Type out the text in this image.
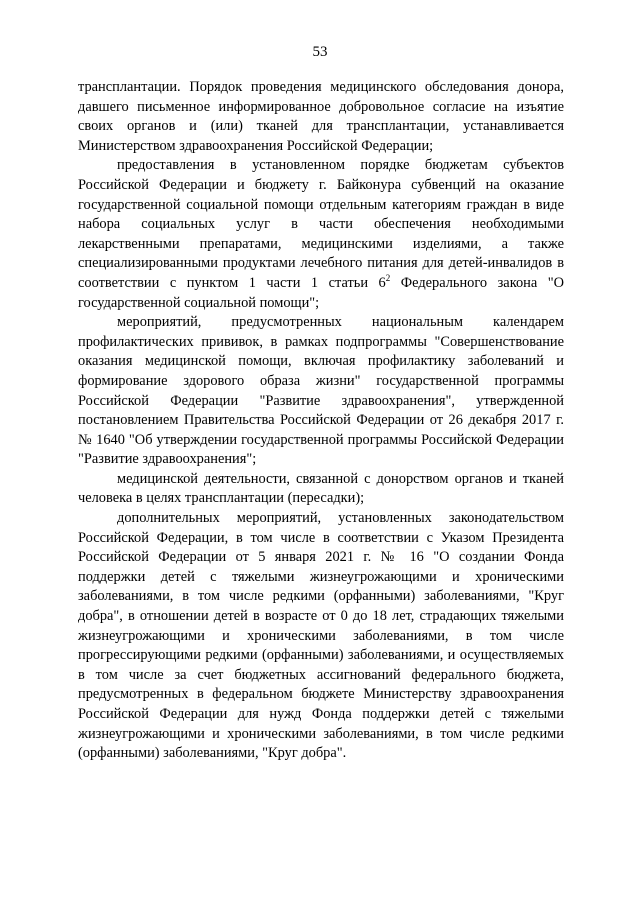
53

трансплантации. Порядок проведения медицинского обследования донора, давшего письменное информированное добровольное согласие на изъятие своих органов и (или) тканей для трансплантации, устанавливается Министерством здравоохранения Российской Федерации;

предоставления в установленном порядке бюджетам субъектов Российской Федерации и бюджету г. Байконура субвенций на оказание государственной социальной помощи отдельным категориям граждан в виде набора социальных услуг в части обеспечения необходимыми лекарственными препаратами, медицинскими изделиями, а также специализированными продуктами лечебного питания для детей-инвалидов в соответствии с пунктом 1 части 1 статьи $6^2$ Федерального закона "О государственной социальной помощи";

мероприятий, предусмотренных национальным календарем профилактических прививок, в рамках подпрограммы "Совершенствование оказания медицинской помощи, включая профилактику заболеваний и формирование здорового образа жизни" государственной программы Российской Федерации "Развитие здравоохранения", утвержденной постановлением Правительства Российской Федерации от 26 декабря 2017 г. № 1640 "Об утверждении государственной программы Российской Федерации "Развитие здравоохранения";

медицинской деятельности, связанной с донорством органов и тканей человека в целях трансплантации (пересадки);

дополнительных мероприятий, установленных законодательством Российской Федерации, в том числе в соответствии с Указом Президента Российской Федерации от 5 января 2021 г. № 16 "О создании Фонда поддержки детей с тяжелыми жизнеугрожающими и хроническими заболеваниями, в том числе редкими (орфанными) заболеваниями, "Круг добра", в отношении детей в возрасте от 0 до 18 лет, страдающих тяжелыми жизнеугрожающими и хроническими заболеваниями, в том числе прогрессирующими редкими (орфанными) заболеваниями, и осуществляемых в том числе за счет бюджетных ассигнований федерального бюджета, предусмотренных в федеральном бюджете Министерству здравоохранения Российской Федерации для нужд Фонда поддержки детей с тяжелыми жизнеугрожающими и хроническими заболеваниями, в том числе редкими (орфанными) заболеваниями, "Круг добра".
